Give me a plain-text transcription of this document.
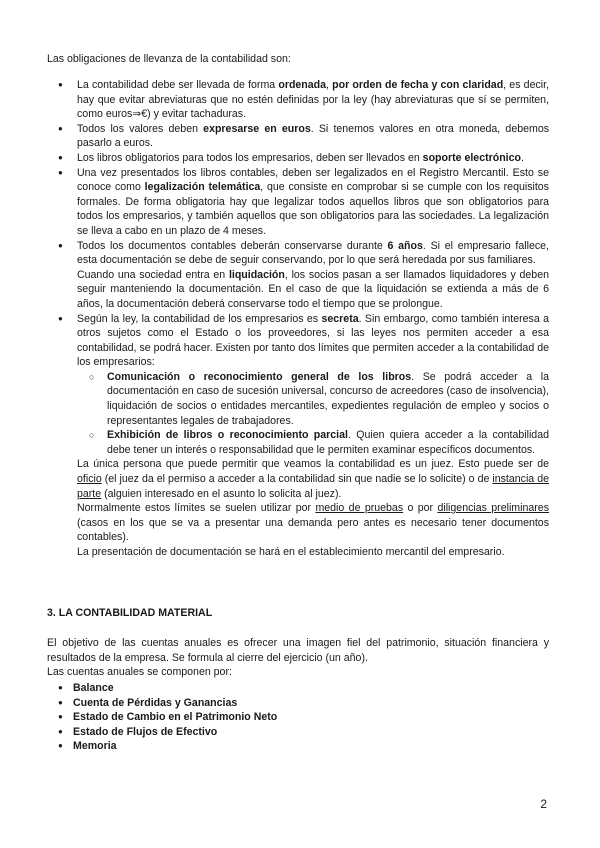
Las obligaciones de llevanza de la contabilidad son:

● La contabilidad debe ser llevada de forma ordenada, por orden de fecha y con claridad, es decir, hay que evitar abreviaturas que no estén definidas por la ley (hay abreviaturas que sí se permiten, como euros⇒€) y evitar tachaduras.
● Todos los valores deben expresarse en euros. Si tenemos valores en otra moneda, debemos pasarlo a euros.
● Los libros obligatorios para todos los empresarios, deben ser llevados en soporte electrónico.
● Una vez presentados los libros contables, deben ser legalizados en el Registro Mercantil. Esto se conoce como legalización telemática, que consiste en comprobar si se cumple con los requisitos formales. De forma obligatoria hay que legalizar todos aquellos libros que son obligatorios para todos los empresarios, y también aquellos que son obligatorios para las sociedades. La legalización se lleva a cabo en un plazo de 4 meses.

● Todos los documentos contables deberán conservarse durante 6 años. Si el empresario fallece, esta documentación se debe de seguir conservando, por lo que será heredada por sus familiares.

Cuando una sociedad entra en liquidación, los socios pasan a ser llamados liquidadores y deben seguir manteniendo la documentación. En el caso de que la liquidación se extienda a más de 6 años, la documentación deberá conservarse todo el tiempo que se prolongue.

● Según la ley, la contabilidad de los empresarios es secreta. Sin embargo, como también interesa a otros sujetos como el Estado o los proveedores, si las leyes nos permiten acceder a esa contabilidad, se podrá hacer. Existen por tanto dos límites que permiten acceder a la contabilidad de los empresarios:

○ Comunicación o reconocimiento general de los libros. Se podrá acceder a la documentación en caso de sucesión universal, concurso de acreedores (caso de insolvencia), liquidación de socios o entidades mercantiles, expedientes regulación de empleo y socios o representantes legales de trabajadores.
○ Exhibición de libros o reconocimiento parcial. Quien quiera acceder a la contabilidad debe tener un interés o responsabilidad que le permiten examinar específicos documentos.

La única persona que puede permitir que veamos la contabilidad es un juez. Esto puede ser de oficio (el juez da el permiso a acceder a la contabilidad sin que nadie se lo solicite) o de instancia de parte (alguien interesado en el asunto lo solicita al juez).

Normalmente estos límites se suelen utilizar por medio de pruebas o por diligencias preliminares (casos en los que se va a presentar una demanda pero antes es necesario tener documentos contables).

La presentación de documentación se hará en el establecimiento mercantil del empresario.

3. LA CONTABILIDAD MATERIAL

El objetivo de las cuentas anuales es ofrecer una imagen fiel del patrimonio, situación financiera y resultados de la empresa. Se formula al cierre del ejercicio (un año).

Las cuentas anuales se componen por:

● Balance
● Cuenta de Pérdidas y Ganancias
● Estado de Cambio en el Patrimonio Neto
● Estado de Flujos de Efectivo
● Memoria
2
